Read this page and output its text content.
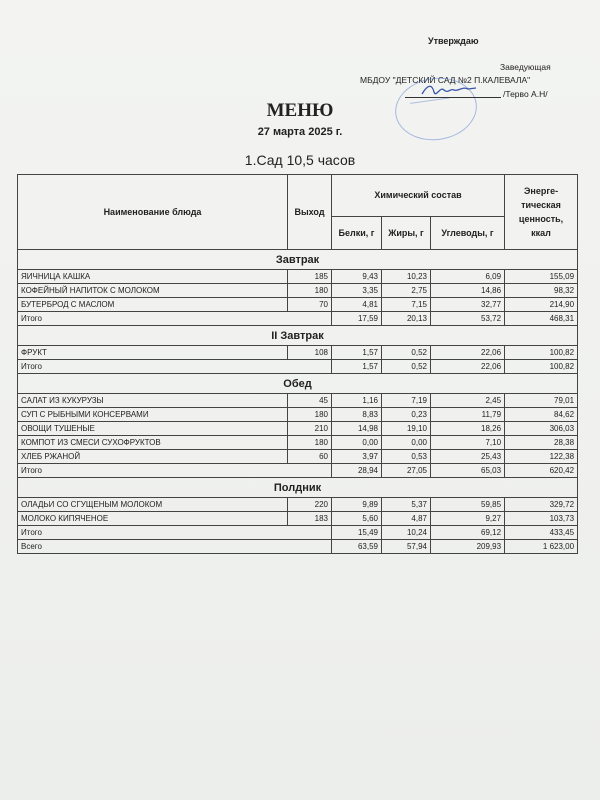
Утверждаю
Заведующая
МБДОУ "ДЕТСКИЙ САД №2 П.КАЛЕВАЛА"
/Терво А.Н/
МЕНЮ
27 марта 2025 г.
1.Сад 10,5 часов
Наименование блюда	Выход	Химический состав			Энерге-тическая ценность, ккал
		Белки, г	Жиры, г	Углеводы, г	
Завтрак					
ЯИЧНИЦА КАШКА	185	9,43	10,23	6,09	155,09
КОФЕЙНЫЙ НАПИТОК С МОЛОКОМ	180	3,35	2,75	14,86	98,32
БУТЕРБРОД С МАСЛОМ	70	4,81	7,15	32,77	214,90
Итого		17,59	20,13	53,72	468,31
II Завтрак					
ФРУКТ	108	1,57	0,52	22,06	100,82
Итого		1,57	0,52	22,06	100,82
Обед					
САЛАТ ИЗ КУКУРУЗЫ	45	1,16	7,19	2,45	79,01
СУП С РЫБНЫМИ КОНСЕРВАМИ	180	8,83	0,23	11,79	84,62
ОВОЩИ ТУШЕНЫЕ	210	14,98	19,10	18,26	306,03
КОМПОТ ИЗ СМЕСИ СУХОФРУКТОВ	180	0,00	0,00	7,10	28,38
ХЛЕБ РЖАНОЙ	60	3,97	0,53	25,43	122,38
Итого		28,94	27,05	65,03	620,42
Полдник					
ОЛАДЬИ СО СГУЩЕНЫМ МОЛОКОМ	220	9,89	5,37	59,85	329,72
МОЛОКО КИПЯЧЕНОЕ	183	5,60	4,87	9,27	103,73
Итого		15,49	10,24	69,12	433,45
Всего		63,59	57,94	209,93	1 623,00
